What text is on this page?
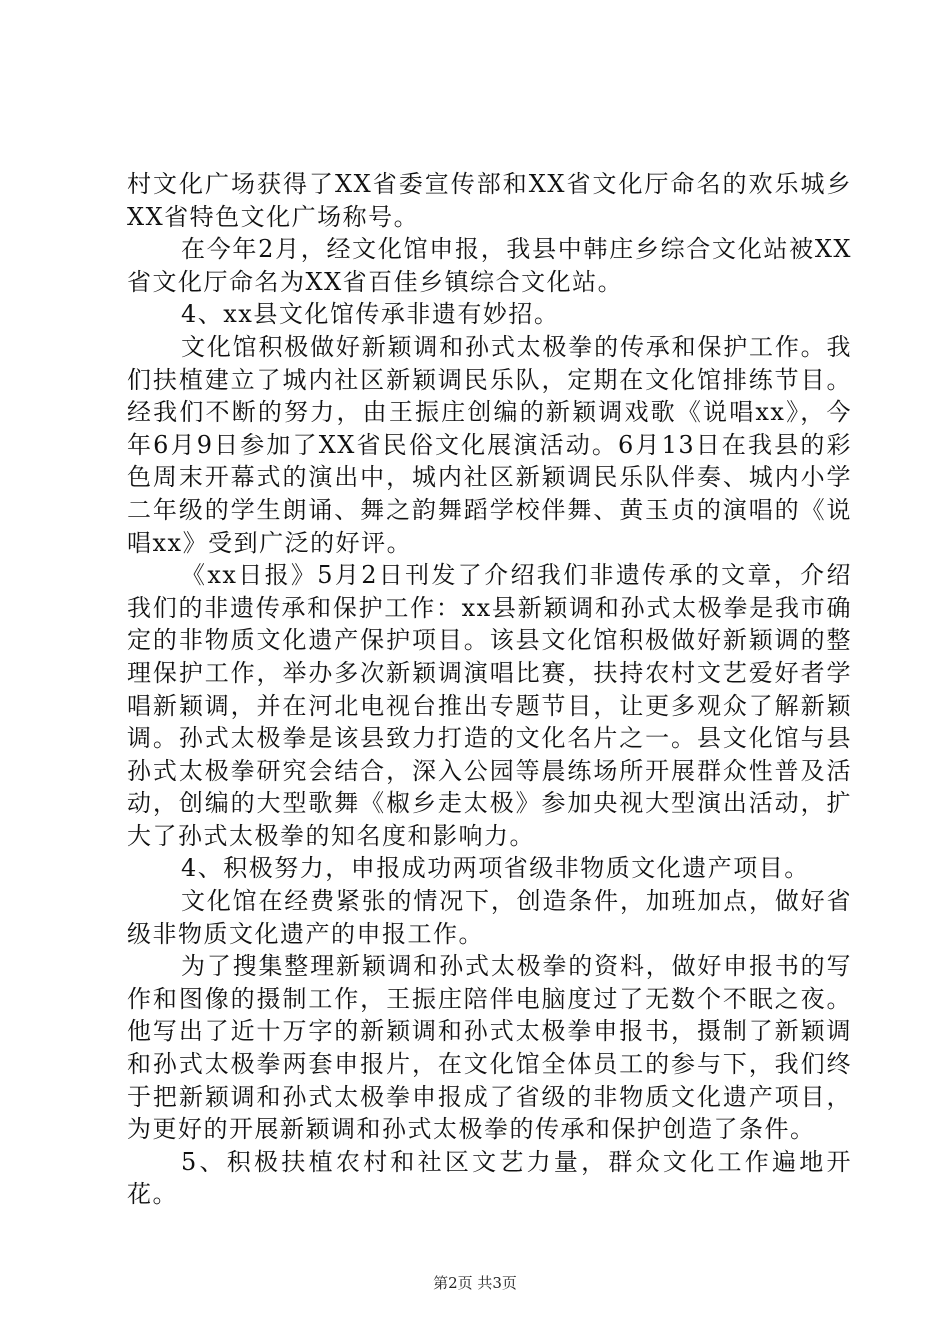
村文化广场获得了XX省委宣传部和XX省文化厅命名的欢乐城乡XX省特色文化广场称号。

在今年2月，经文化馆申报，我县中韩庄乡综合文化站被XX省文化厅命名为XX省百佳乡镇综合文化站。

4、xx县文化馆传承非遗有妙招。

文化馆积极做好新颖调和孙式太极拳的传承和保护工作。我们扶植建立了城内社区新颖调民乐队，定期在文化馆排练节目。经我们不断的努力，由王振庄创编的新颖调戏歌《说唱xx》，今年6月9日参加了XX省民俗文化展演活动。6月13日在我县的彩色周末开幕式的演出中，城内社区新颖调民乐队伴奏、城内小学二年级的学生朗诵、舞之韵舞蹈学校伴舞、黄玉贞的演唱的《说唱xx》受到广泛的好评。

《xx日报》5月2日刊发了介绍我们非遗传承的文章，介绍我们的非遗传承和保护工作：xx县新颖调和孙式太极拳是我市确定的非物质文化遗产保护项目。该县文化馆积极做好新颖调的整理保护工作，举办多次新颖调演唱比赛，扶持农村文艺爱好者学唱新颖调，并在河北电视台推出专题节目，让更多观众了解新颖调。孙式太极拳是该县致力打造的文化名片之一。县文化馆与县孙式太极拳研究会结合，深入公园等晨练场所开展群众性普及活动，创编的大型歌舞《椒乡走太极》参加央视大型演出活动，扩大了孙式太极拳的知名度和影响力。

4、积极努力，申报成功两项省级非物质文化遗产项目。

文化馆在经费紧张的情况下，创造条件，加班加点，做好省级非物质文化遗产的申报工作。

为了搜集整理新颖调和孙式太极拳的资料，做好申报书的写作和图像的摄制工作，王振庄陪伴电脑度过了无数个不眠之夜。他写出了近十万字的新颖调和孙式太极拳申报书，摄制了新颖调和孙式太极拳两套申报片，在文化馆全体员工的参与下，我们终于把新颖调和孙式太极拳申报成了省级的非物质文化遗产项目，为更好的开展新颖调和孙式太极拳的传承和保护创造了条件。

5、积极扶植农村和社区文艺力量，群众文化工作遍地开花。

第2页 共3页
